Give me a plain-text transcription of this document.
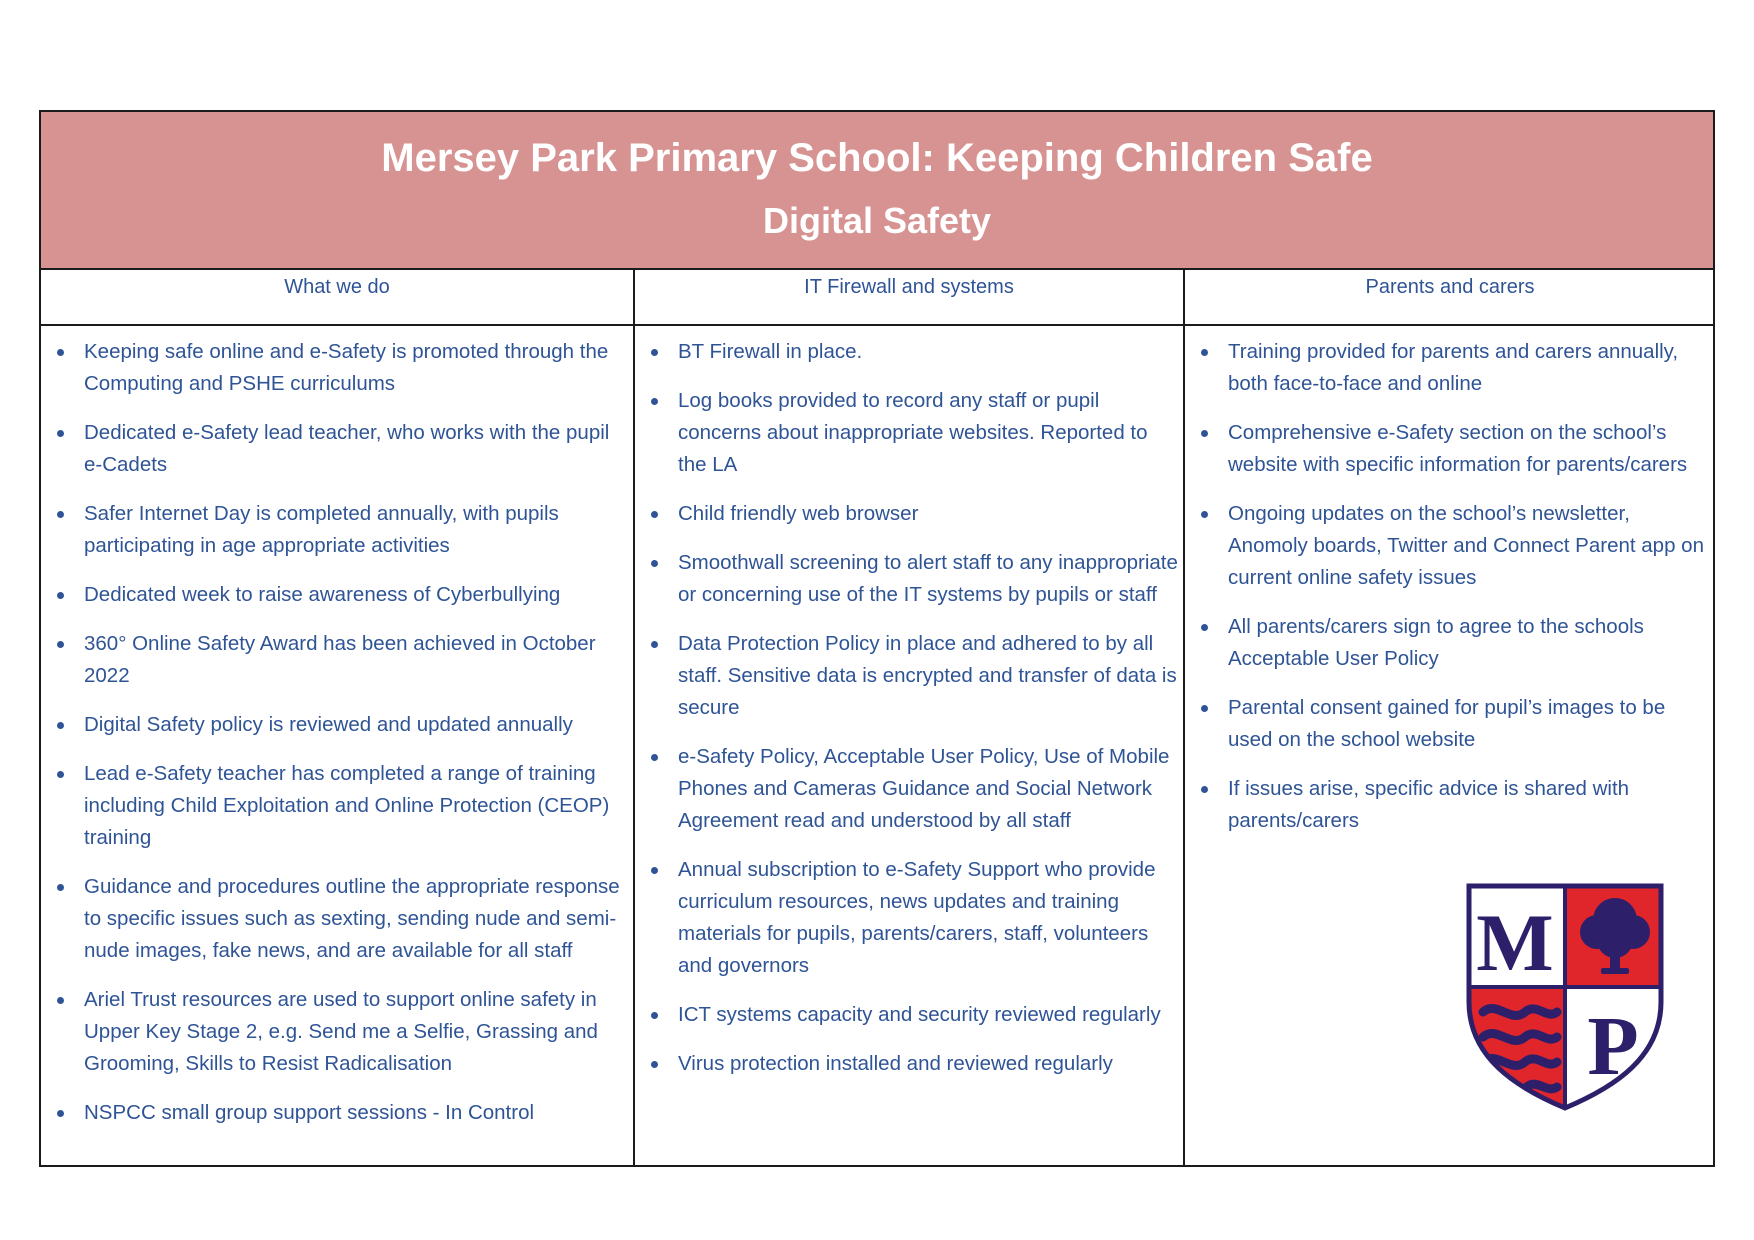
Mersey Park Primary School: Keeping Children Safe
Digital Safety
What we do	IT Firewall and systems	Parents and carers
Keeping safe online and e-Safety is promoted through the Computing and PSHE curriculums
Dedicated e-Safety lead teacher, who works with the pupil e-Cadets
Safer Internet Day is completed annually, with pupils participating in age appropriate activities
Dedicated week to raise awareness of Cyberbullying
360° Online Safety Award has been achieved in October 2022
Digital Safety policy is reviewed and updated annually
Lead e-Safety teacher has completed a range of training including Child Exploitation and Online Protection (CEOP) training
Guidance and procedures outline the appropriate response to specific issues such as sexting, sending nude and semi-nude images, fake news, and are available for all staff
Ariel Trust resources are used to support online safety in Upper Key Stage 2, e.g. Send me a Selfie, Grassing and Grooming, Skills to Resist Radicalisation
NSPCC small group support sessions - In Control
BT Firewall in place.
Log books provided to record any staff or pupil concerns about inappropriate websites. Reported to the LA
Child friendly web browser
Smoothwall screening to alert staff to any inappropriate or concerning use of the IT systems by pupils or staff
Data Protection Policy in place and adhered to by all staff. Sensitive data is encrypted and transfer of data is secure
e-Safety Policy, Acceptable User Policy, Use of Mobile Phones and Cameras Guidance and Social Network Agreement read and understood by all staff
Annual subscription to e-Safety Support who provide curriculum resources, news updates and training materials for pupils, parents/carers, staff, volunteers and governors
ICT systems capacity and security reviewed regularly
Virus protection installed and reviewed regularly
Training provided for parents and carers annually, both face-to-face and online
Comprehensive e-Safety section on the school’s website with specific information for parents/carers
Ongoing updates on the school’s newsletter, Anomoly boards, Twitter and Connect Parent app on current online safety issues
All parents/carers sign to agree to the schools Acceptable User Policy
Parental consent gained for pupil’s images to be used on the school website
If issues arise, specific advice is shared with parents/carers
M
P
